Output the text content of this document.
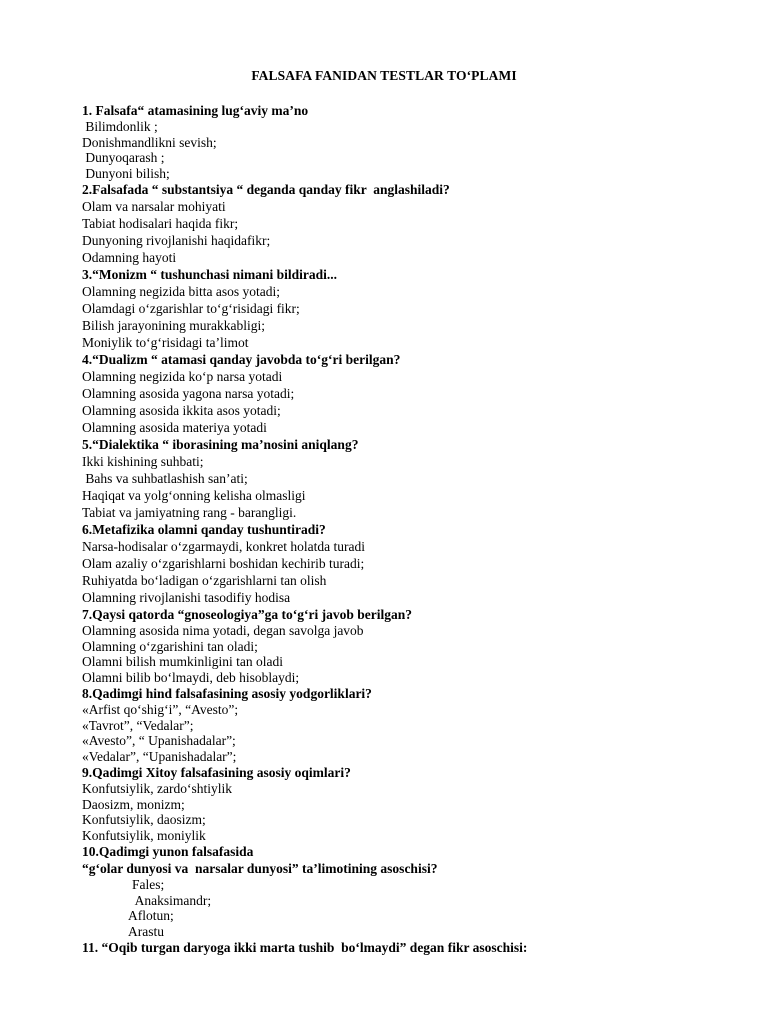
FALSAFA FANIDAN TESTLAR TO‘PLAMI
1. Falsafa“ atamasining lug‘aviy ma’no
Bilimdonlik ;
Donishmandlikni sevish;
Dunyoqarash ;
Dunyoni bilish;
2.Falsafada “ substantsiya “ deganda qanday fikr  anglashiladi?
Olam va narsalar mohiyati
Tabiat hodisalari haqida fikr;
Dunyoning rivojlanishi haqidafikr;
Odamning hayoti
3.“Monizm “ tushunchasi nimani bildiradi...
Olamning negizida bitta asos yotadi;
Olamdagi o‘zgarishlar to‘g‘risidagi fikr;
Bilish jarayonining murakkabligi;
Moniylik to‘g‘risidagi ta’limot
4.“Dualizm “ atamasi qanday javobda to‘g‘ri berilgan?
Olamning negizida ko‘p narsa yotadi
Olamning asosida yagona narsa yotadi;
Olamning asosida ikkita asos yotadi;
Olamning asosida materiya yotadi
5.“Dialektika “ iborasining ma’nosini aniqlang?
Ikki kishining suhbati;
Bahs va suhbatlashish san’ati;
Haqiqat va yolg‘onning kelisha olmasligi
Tabiat va jamiyatning rang - barangligi.
6.Metafizika olamni qanday tushuntiradi?
Narsa-hodisalar o‘zgarmaydi, konkret holatda turadi
Olam azaliy o‘zgarishlarni boshidan kechirib turadi;
Ruhiyatda bo‘ladigan o‘zgarishlarni tan olish
Olamning rivojlanishi tasodifiy hodisa
7.Qaysi qatorda “gnoseologiya”ga to‘g‘ri javob berilgan?
Olamning asosida nima yotadi, degan savolga javob
Olamning o‘zgarishini tan oladi;
Olamni bilish mumkinligini tan oladi
Olamni bilib bo‘lmaydi, deb hisoblaydi;
8.Qadimgi hind falsafasining asosiy yodgorliklari?
«Arfist qo‘shig‘i”, “Avesto”;
«Tavrot”, “Vedalar”;
«Avesto”, “ Upanishadalar”;
«Vedalar”, “Upanishadalar”;
9.Qadimgi Xitoy falsafasining asosiy oqimlari?
Konfutsiylik, zardo‘shtiylik
Daosizm, monizm;
Konfutsiylik, daosizm;
Konfutsiylik, moniylik
10.Qadimgi yunon falsafasida
“g‘olar dunyosi va  narsalar dunyosi” ta’limotining asoschisi?
Fales;
Anaksimandr;
Aflotun;
Arastu
11. “Oqib turgan daryoga ikki marta tushib  bo‘lmaydi” degan fikr asoschisi:
